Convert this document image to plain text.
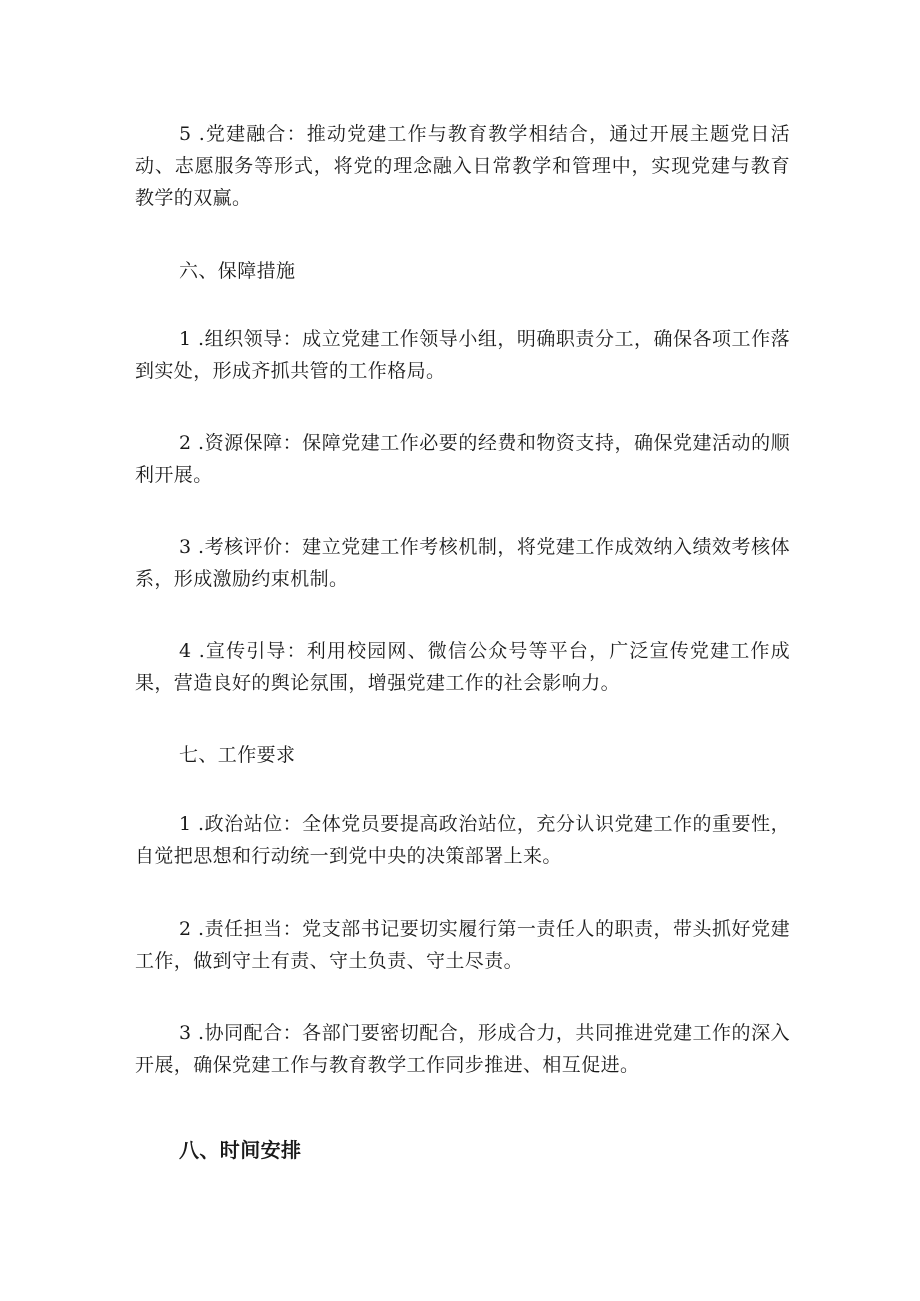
5 .党建融合：推动党建工作与教育教学相结合，通过开展主题党日活动、志愿服务等形式，将党的理念融入日常教学和管理中，实现党建与教育教学的双赢。

六、保障措施

1 .组织领导：成立党建工作领导小组，明确职责分工，确保各项工作落到实处，形成齐抓共管的工作格局。

2 .资源保障：保障党建工作必要的经费和物资支持，确保党建活动的顺利开展。

3 .考核评价：建立党建工作考核机制，将党建工作成效纳入绩效考核体系，形成激励约束机制。

4 .宣传引导：利用校园网、微信公众号等平台，广泛宣传党建工作成果，营造良好的舆论氛围，增强党建工作的社会影响力。

七、工作要求

1 .政治站位：全体党员要提高政治站位，充分认识党建工作的重要性，自觉把思想和行动统一到党中央的决策部署上来。

2 .责任担当：党支部书记要切实履行第一责任人的职责，带头抓好党建工作，做到守土有责、守土负责、守土尽责。

3 .协同配合：各部门要密切配合，形成合力，共同推进党建工作的深入开展，确保党建工作与教育教学工作同步推进、相互促进。

八、时间安排
